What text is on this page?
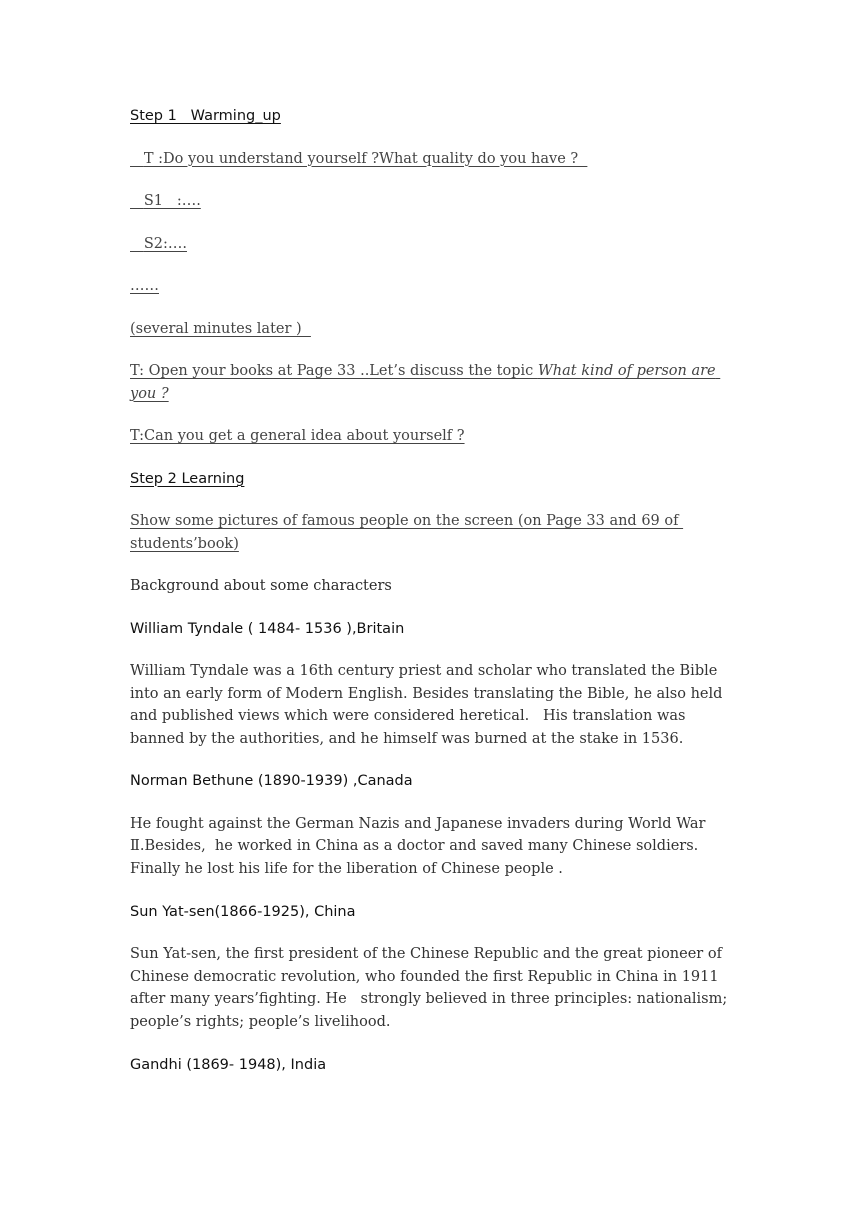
Step 1   Warming_up

T :Do you understand yourself ?What quality do you have ?

S1   :….

S2:….

……

(several minutes later )

T: Open your books at Page 33 ..Let’s discuss the topic What kind of person are you ?

T:Can you get a general idea about yourself ?

Step 2 Learning

Show some pictures of famous people on the screen (on Page 33 and 69 of students’book)

Background about some characters

William Tyndale ( 1484- 1536 ),Britain

William Tyndale was a 16th century priest and scholar who translated the Bible into an early form of Modern English. Besides translating the Bible, he also held and published views which were considered heretical.   His translation was banned by the authorities, and he himself was burned at the stake in 1536.

Norman Bethune (1890-1939) ,Canada

He fought against the German Nazis and Japanese invaders during World War Ⅱ.Besides,  he worked in China as a doctor and saved many Chinese soldiers. Finally he lost his life for the liberation of Chinese people .

Sun Yat-sen(1866-1925), China

Sun Yat-sen, the first president of the Chinese Republic and the great pioneer of Chinese democratic revolution, who founded the first Republic in China in 1911 after many years’fighting. He   strongly believed in three principles: nationalism; people’s rights; people’s livelihood.

Gandhi (1869- 1948), India
